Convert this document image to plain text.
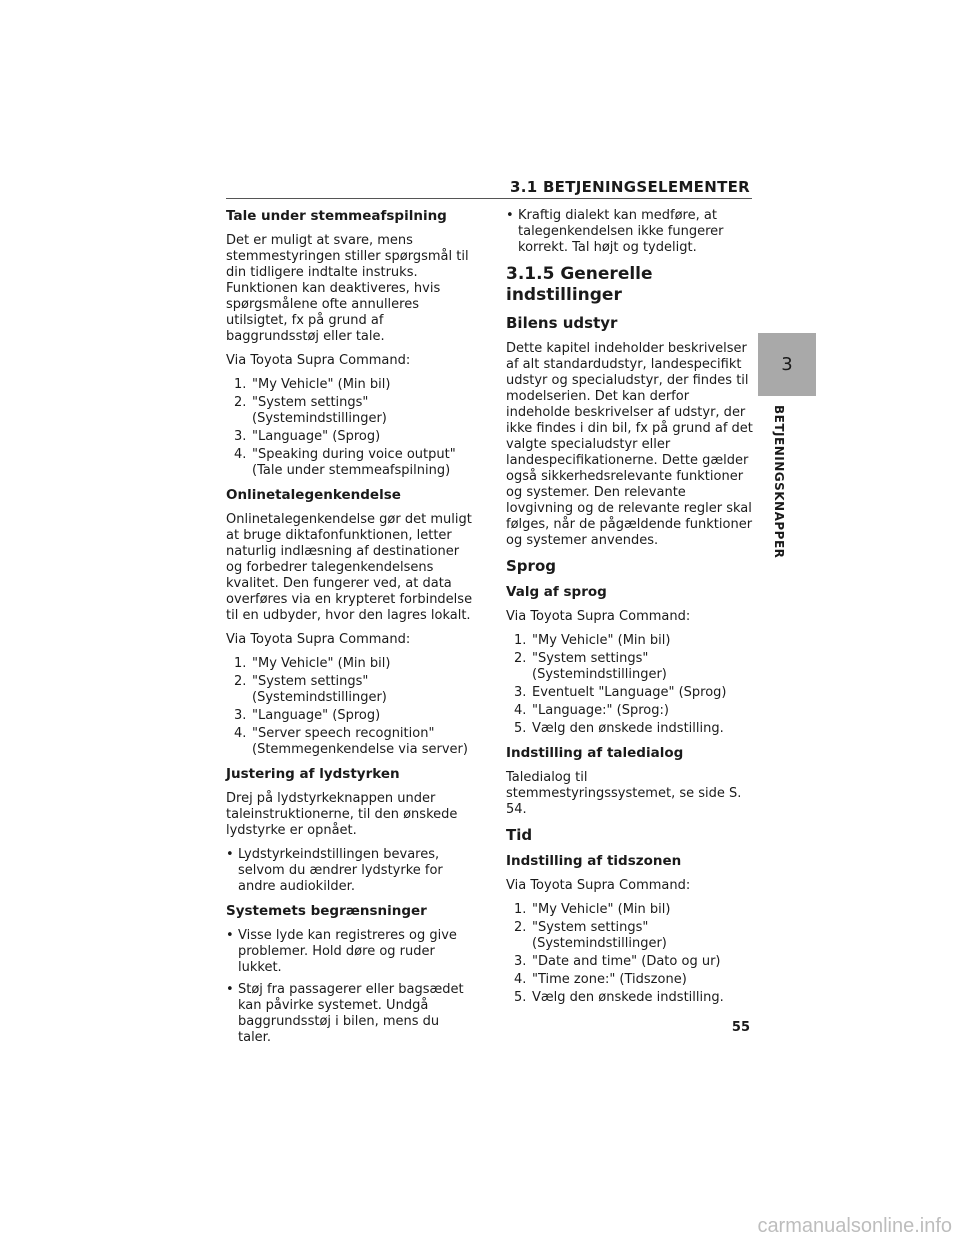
3.1 BETJENINGSELEMENTER
Tale under stemmeafspilning

Det er muligt at svare, mens stemmestyringen stiller spørgsmål til din tidligere indtalte instruks. Funktionen kan deaktiveres, hvis spørgsmålene ofte annulleres utilsigtet, fx på grund af baggrundsstøj eller tale.

Via Toyota Supra Command:

1. "My Vehicle" (Min bil)
2. "System settings" (Systemindstillinger)
3. "Language" (Sprog)
4. "Speaking during voice output" (Tale under stemmeafspilning)
Onlinetalegenkendelse

Onlinetalegenkendelse gør det muligt at bruge diktafonfunktionen, letter naturlig indlæsning af destinationer og forbedrer talegenkendelsens kvalitet. Den fungerer ved, at data overføres via en krypteret forbindelse til en udbyder, hvor den lagres lokalt.

Via Toyota Supra Command:

1. "My Vehicle" (Min bil)
2. "System settings" (Systemindstillinger)
3. "Language" (Sprog)
4. "Server speech recognition" (Stemmegenkendelse via server)
Justering af lydstyrken

Drej på lydstyrkeknappen under taleinstruktionerne, til den ønskede lydstyrke er opnået.

• Lydstyrkeindstillingen bevares, selvom du ændrer lydstyrke for andre audiokilder.
Systemets begrænsninger
• Visse lyde kan registreres og give problemer. Hold døre og ruder lukket.
• Støj fra passagerer eller bagsædet kan påvirke systemet. Undgå baggrundsstøj i bilen, mens du taler.
• Kraftig dialekt kan medføre, at talegenkendelsen ikke fungerer korrekt. Tal højt og tydeligt.
3.1.5 Generelle indstillinger
Bilens udstyr

Dette kapitel indeholder beskrivelser af alt standardudstyr, landespecifikt udstyr og specialudstyr, der findes til modelserien. Det kan derfor indeholde beskrivelser af udstyr, der ikke findes i din bil, fx på grund af det valgte specialudstyr eller landespecifikationerne. Dette gælder også sikkerhedsrelevante funktioner og systemer. Den relevante lovgivning og de relevante regler skal følges, når de pågældende funktioner og systemer anvendes.

Sprog
Valg af sprog

Via Toyota Supra Command:

1. "My Vehicle" (Min bil)
2. "System settings" (Systemindstillinger)
3. Eventuelt "Language" (Sprog)
4. "Language:" (Sprog:)
5. Vælg den ønskede indstilling.
Indstilling af taledialog

Taledialog til stemmestyringssystemet, se side S. 54.

Tid
Indstilling af tidszonen

Via Toyota Supra Command:

1. "My Vehicle" (Min bil)
2. "System settings" (Systemindstillinger)
3. "Date and time" (Dato og ur)
4. "Time zone:" (Tidszone)
5. Vælg den ønskede indstilling.
3
BETJENINGSKNAPPER
55
carmanualsonline.info
